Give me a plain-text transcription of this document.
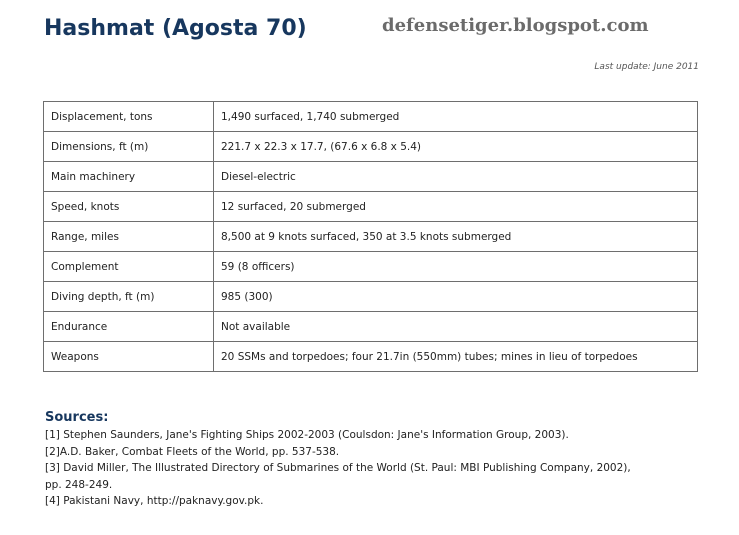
Hashmat (Agosta 70)	defensetiger.blogspot.com
Last update: June 2011
Displacement, tons	1,490 surfaced, 1,740 submerged
Dimensions, ft (m)	221.7 x 22.3 x 17.7, (67.6 x 6.8 x 5.4)
Main machinery	Diesel-electric
Speed, knots	12 surfaced, 20 submerged
Range, miles	8,500 at 9 knots surfaced, 350 at 3.5 knots submerged
Complement	59 (8 officers)
Diving depth, ft (m)	985 (300)
Endurance	Not available
Weapons	20 SSMs and torpedoes; four 21.7in (550mm) tubes; mines in lieu of torpedoes
Sources:
[1] Stephen Saunders, Jane's Fighting Ships 2002-2003 (Coulsdon: Jane's Information Group, 2003).
[2]A.D. Baker, Combat Fleets of the World, pp. 537-538.
[3] David Miller, The Illustrated Directory of Submarines of the World (St. Paul: MBI Publishing Company, 2002),
pp. 248-249.
[4] Pakistani Navy, http://paknavy.gov.pk.
